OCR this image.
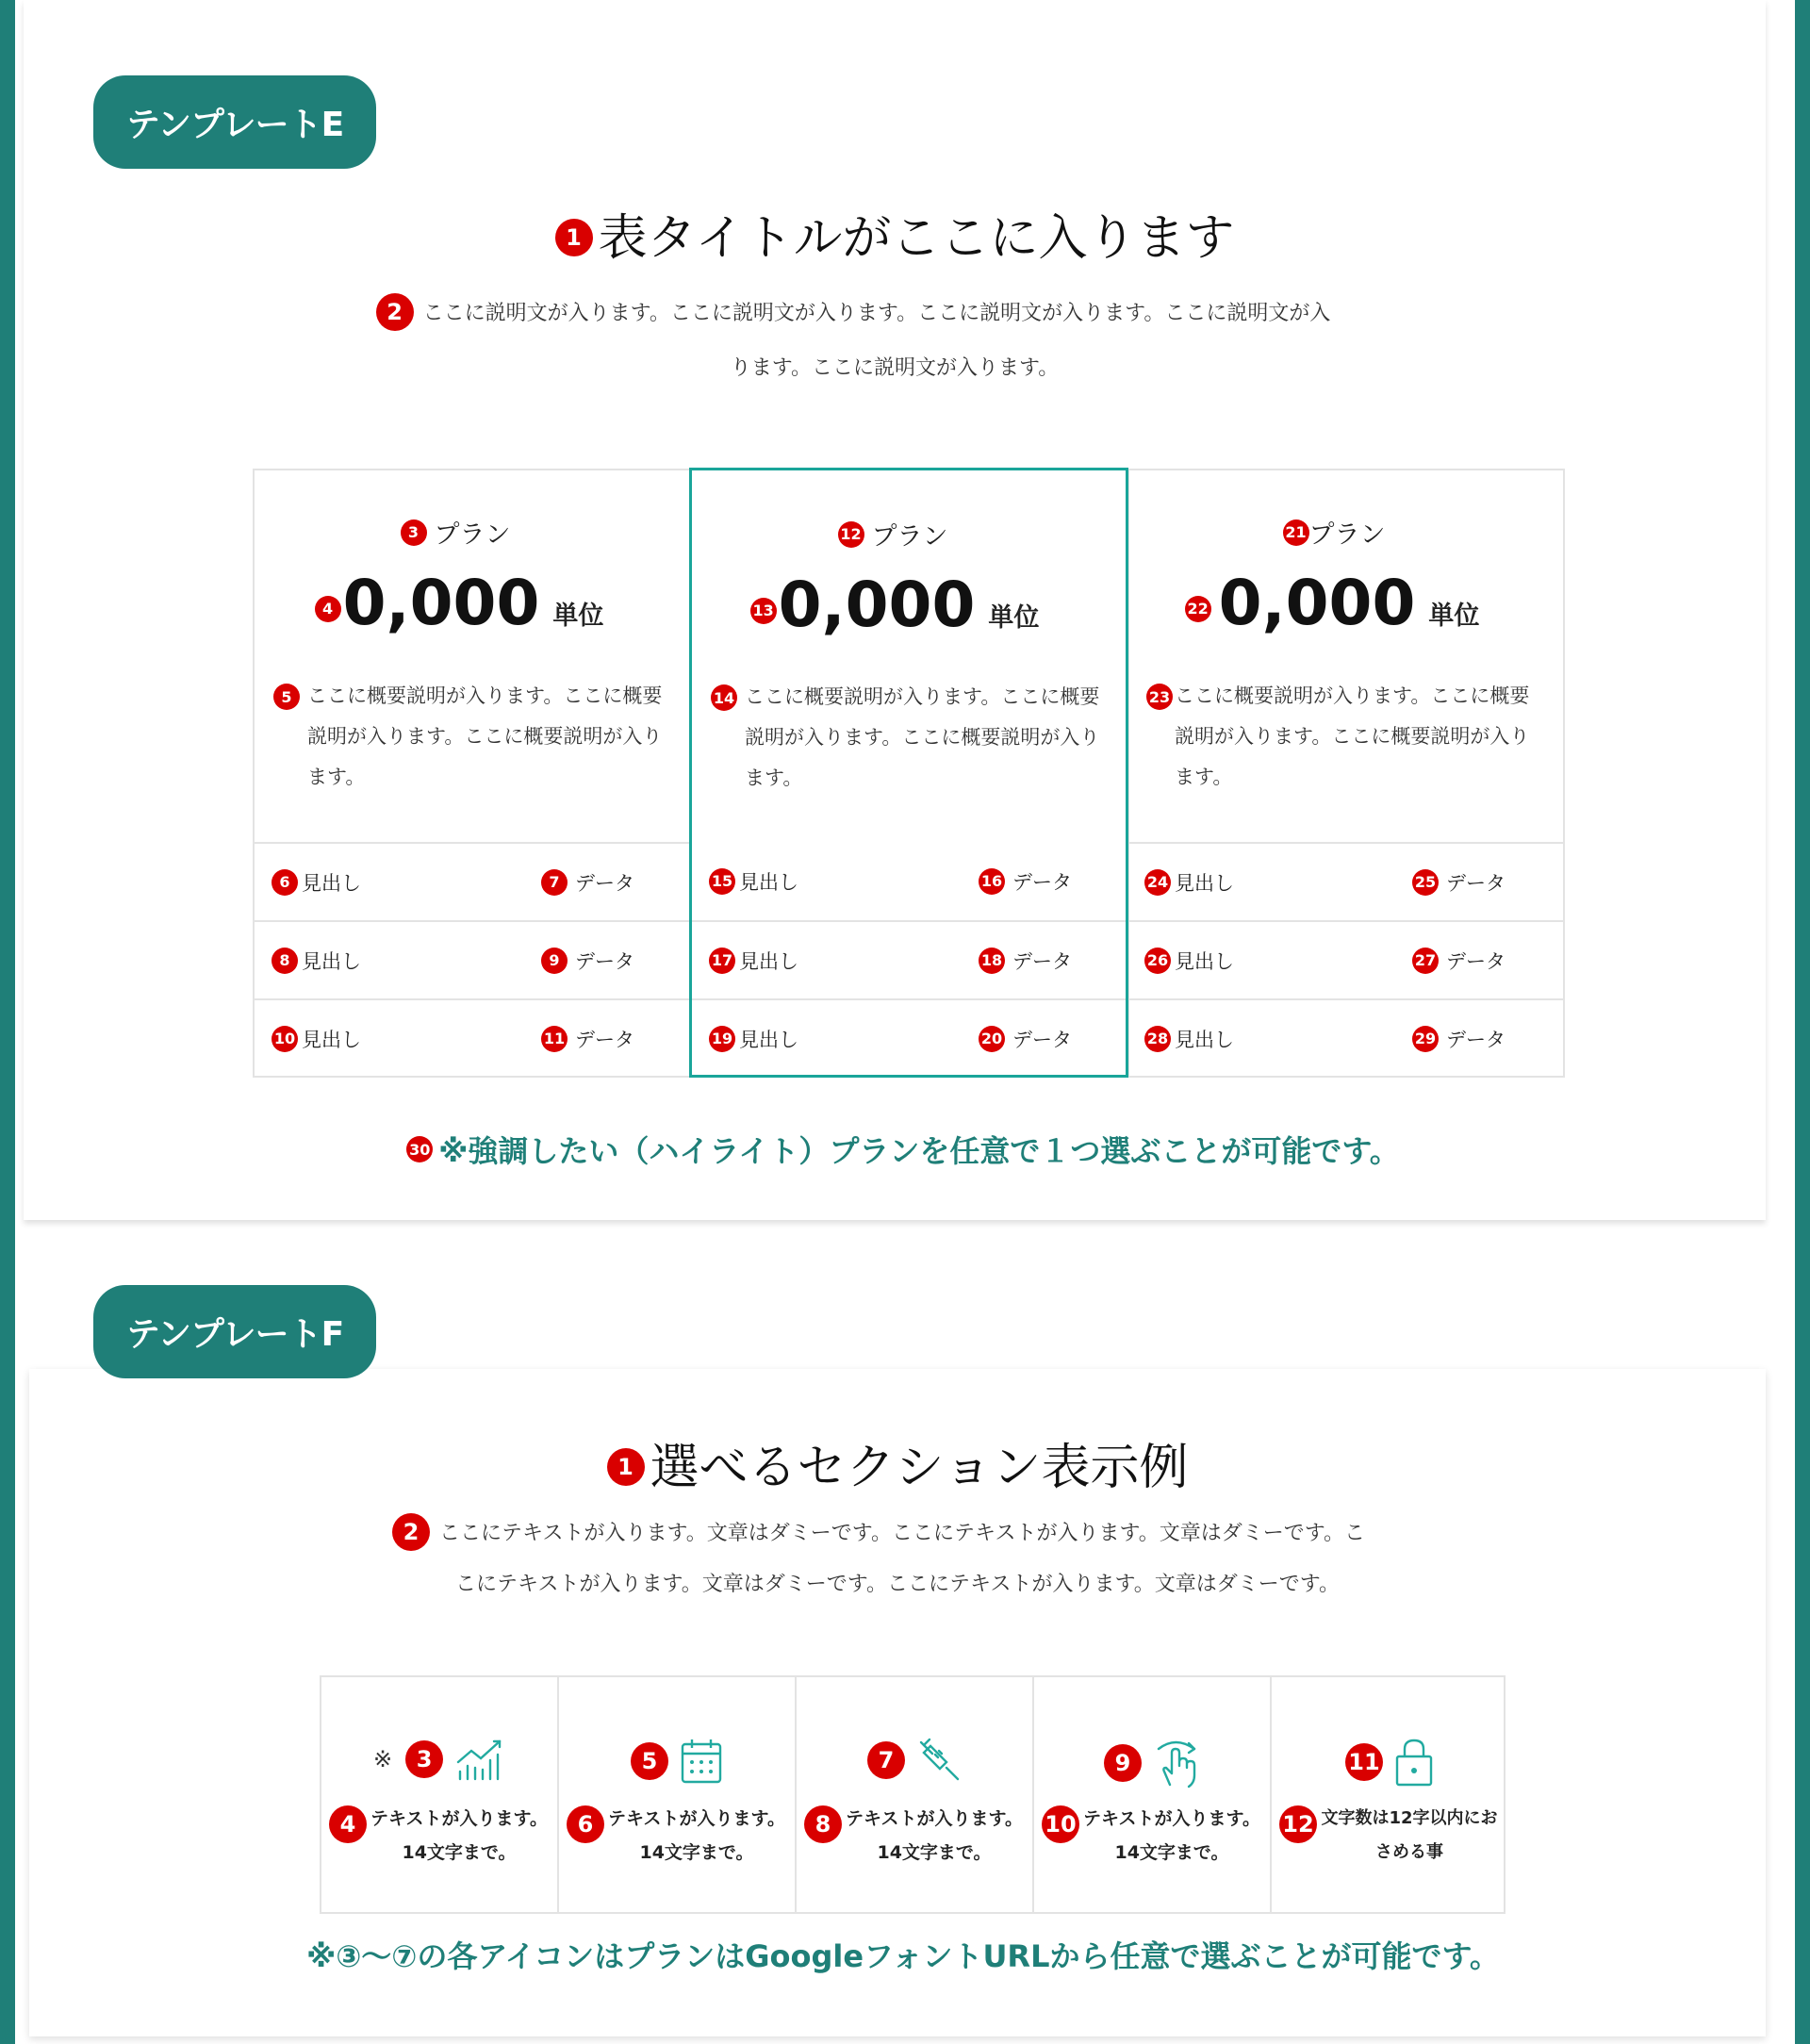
1 表タイトルがここに入ります
2 ここに説明文が入ります。ここに説明文が入ります。ここに説明文が入ります。ここに説明文が入
ります。ここに説明文が入ります。
テンプレートE
3 プラン
4 0,000 単位
5 ここに概要説明が入ります。ここに概要説明が入ります。ここに概要説明が入ります。
6 見出し	7 データ
8 見出し	9 データ
10 見出し	11 データ
12 プラン
13 0,000 単位
14 ここに概要説明が入ります。ここに概要説明が入ります。ここに概要説明が入ります。
15 見出し	16 データ
17 見出し	18 データ
19 見出し	20 データ
21 プラン
22 0,000 単位
23 ここに概要説明が入ります。ここに概要説明が入ります。ここに概要説明が入ります。
24 見出し	25 データ
26 見出し	27 データ
28 見出し	29 データ
30 ※強調したい（ハイライト）プランを任意で１つ選ぶことが可能です。
1 選べるセクション表示例
2 ここにテキストが入ります。文章はダミーです。ここにテキストが入ります。文章はダミーです。こ
こにテキストが入ります。文章はダミーです。ここにテキストが入ります。文章はダミーです。
テンプレートF
※	3
4 テキストが入ります。14文字まで。
5
6 テキストが入ります。14文字まで。
7
8 テキストが入ります。14文字まで。
9
10 テキストが入ります。14文字まで。
11
12 文字数は12字以内におさめる事
※③〜⑦の各アイコンはプランはGoogleフォントURLから任意で選ぶことが可能です。
